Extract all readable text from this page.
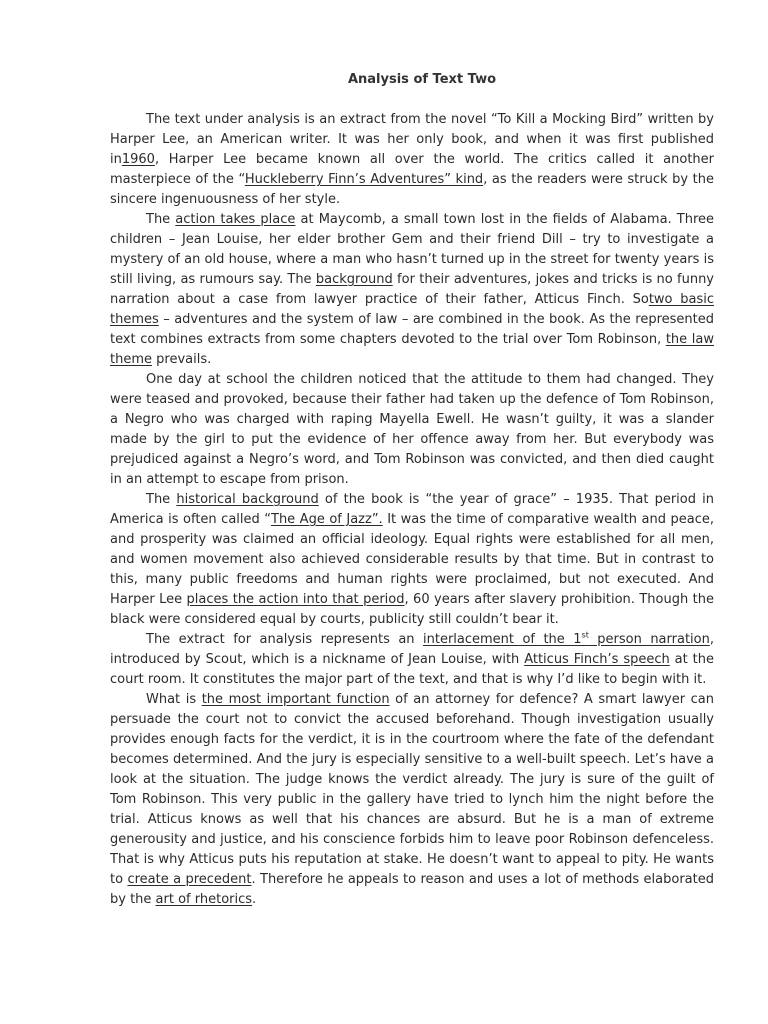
Analysis of Text Two

The text under analysis is an extract from the novel “To Kill a Mocking Bird” written by Harper Lee, an American writer. It was her only book, and when it was first published in1960, Harper Lee became known all over the world. The critics called it another masterpiece of the “Huckleberry Finn’s Adventures” kind, as the readers were struck by the sincere ingenuousness of her style.

The action takes place at Maycomb, a small town lost in the fields of Alabama. Three children – Jean Louise, her elder brother Gem and their friend Dill – try to investigate a mystery of an old house, where a man who hasn’t turned up in the street for twenty years is still living, as rumours say. The background for their adventures, jokes and tricks is no funny narration about a case from lawyer practice of their father, Atticus Finch. Sotwo basic themes – adventures and the system of law – are combined in the book. As the represented text combines extracts from some chapters devoted to the trial over Tom Robinson, the law theme prevails.

One day at school the children noticed that the attitude to them had changed. They were teased and provoked, because their father had taken up the defence of Tom Robinson, a Negro who was charged with raping Mayella Ewell. He wasn’t guilty, it was a slander made by the girl to put the evidence of her offence away from her. But everybody was prejudiced against a Negro’s word, and Tom Robinson was convicted, and then died caught in an attempt to escape from prison.

The historical background of the book is “the year of grace” – 1935. That period in America is often called “The Age of Jazz”. It was the time of comparative wealth and peace, and prosperity was claimed an official ideology. Equal rights were established for all men, and women movement also achieved considerable results by that time. But in contrast to this, many public freedoms and human rights were proclaimed, but not executed. And Harper Lee places the action into that period, 60 years after slavery prohibition. Though the black were considered equal by courts, publicity still couldn’t bear it.

The extract for analysis represents an interlacement of the 1st person narration, introduced by Scout, which is a nickname of Jean Louise, with Atticus Finch’s speech at the court room. It constitutes the major part of the text, and that is why I’d like to begin with it.

What is the most important function of an attorney for defence? A smart lawyer can persuade the court not to convict the accused beforehand. Though investigation usually provides enough facts for the verdict, it is in the courtroom where the fate of the defendant becomes determined. And the jury is especially sensitive to a well-built speech. Let’s have a look at the situation. The judge knows the verdict already. The jury is sure of the guilt of Tom Robinson. This very public in the gallery have tried to lynch him the night before the trial. Atticus knows as well that his chances are absurd. But he is a man of extreme generousity and justice, and his conscience forbids him to leave poor Robinson defenceless. That is why Atticus puts his reputation at stake. He doesn’t want to appeal to pity. He wants to create a precedent. Therefore he appeals to reason and uses a lot of methods elaborated by the art of rhetorics.
